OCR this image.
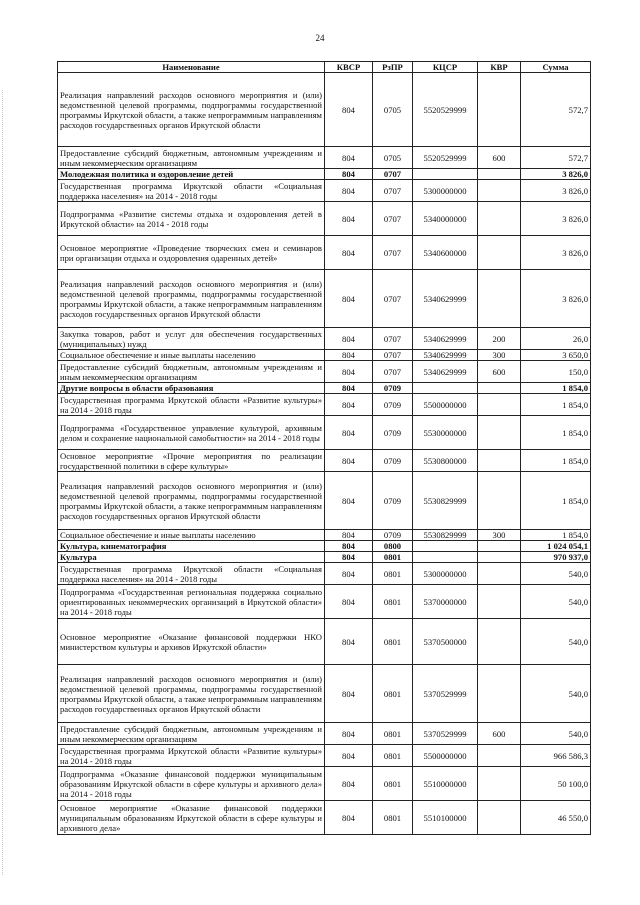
24
Наименование	КВСР	РзПР	КЦСР	КВР	Сумма
Реализация направлений расходов основного мероприятия и (или) ведомственной целевой программы, подпрограммы государственной программы Иркутской области, а также непрограммным направлениям расходов государственных органов Иркутской области	804	0705	5520529999		572,7
Предоставление субсидий бюджетным, автономным учреждениям и иным некоммерческим организациям	804	0705	5520529999	600	572,7
Молодежная политика и оздоровление детей	804	0707			3 826,0
Государственная программа Иркутской области «Социальная поддержка населения» на 2014 - 2018 годы	804	0707	5300000000		3 826,0
Подпрограмма «Развитие системы отдыха и оздоровления детей в Иркутской области» на 2014 - 2018 годы	804	0707	5340000000		3 826,0
Основное мероприятие «Проведение творческих смен и семинаров при организации отдыха и оздоровления одаренных детей»	804	0707	5340600000		3 826,0
Реализация направлений расходов основного мероприятия и (или) ведомственной целевой программы, подпрограммы государственной программы Иркутской области, а также непрограммным направлениям расходов государственных органов Иркутской области	804	0707	5340629999		3 826,0
Закупка товаров, работ и услуг для обеспечения государственных (муниципальных) нужд	804	0707	5340629999	200	26,0
Социальное обеспечение и иные выплаты населению	804	0707	5340629999	300	3 650,0
Предоставление субсидий бюджетным, автономным учреждениям и иным некоммерческим организациям	804	0707	5340629999	600	150,0
Другие вопросы в области образования	804	0709			1 854,0
Государственная программа Иркутской области «Развитие культуры» на 2014 - 2018 годы	804	0709	5500000000		1 854,0
Подпрограмма «Государственное управление культурой, архивным делом и сохранение национальной самобытности» на 2014 - 2018 годы	804	0709	5530000000		1 854,0
Основное мероприятие «Прочие мероприятия по реализации государственной политики в сфере культуры»	804	0709	5530800000		1 854,0
Реализация направлений расходов основного мероприятия и (или) ведомственной целевой программы, подпрограммы государственной программы Иркутской области, а также непрограммным направлениям расходов государственных органов Иркутской области	804	0709	5530829999		1 854,0
Социальное обеспечение и иные выплаты населению	804	0709	5530829999	300	1 854,0
Культура, кинематография	804	0800			1 024 054,1
Культура	804	0801			970 937,0
Государственная программа Иркутской области «Социальная поддержка населения» на 2014 - 2018 годы	804	0801	5300000000		540,0
Подпрограмма «Государственная региональная поддержка социально ориентированных некоммерческих организаций в Иркутской области» на 2014 - 2018 годы	804	0801	5370000000		540,0
Основное мероприятие «Оказание финансовой поддержки НКО министерством культуры и архивов Иркутской области»	804	0801	5370500000		540,0
Реализация направлений расходов основного мероприятия и (или) ведомственной целевой программы, подпрограммы государственной программы Иркутской области, а также непрограммным направлениям расходов государственных органов Иркутской области	804	0801	5370529999		540,0
Предоставление субсидий бюджетным, автономным учреждениям и иным некоммерческим организациям	804	0801	5370529999	600	540,0
Государственная программа Иркутской области «Развитие культуры» на 2014 - 2018 годы	804	0801	5500000000		966 586,3
Подпрограмма «Оказание финансовой поддержки муниципальным образованиям Иркутской области в сфере культуры и архивного дела» на 2014 - 2018 годы	804	0801	5510000000		50 100,0
Основное мероприятие «Оказание финансовой поддержки муниципальным образованиям Иркутской области в сфере культуры и архивного дела»	804	0801	5510100000		46 550,0
